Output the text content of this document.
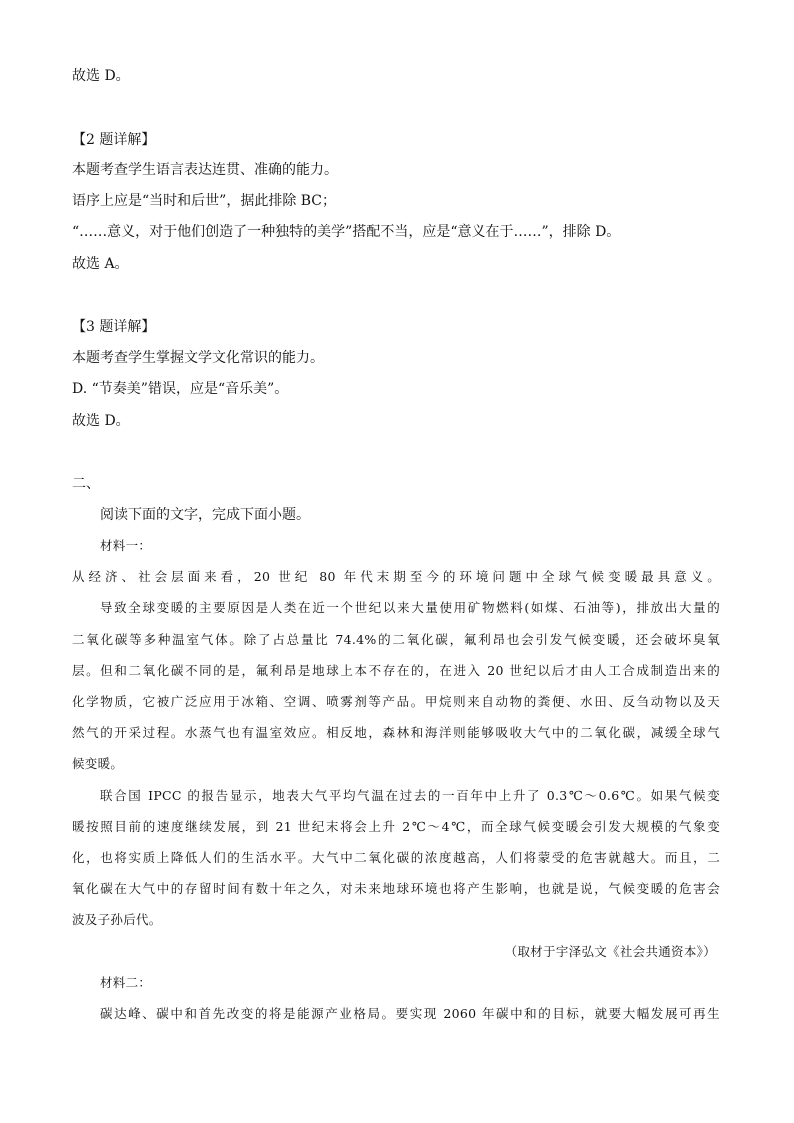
故选 D。
【2 题详解】
本题考查学生语言表达连贯、准确的能力。
语序上应是“当时和后世”，据此排除 BC；
“……意义，对于他们创造了一种独特的美学”搭配不当，应是“意义在于……”，排除 D。
故选 A。
【3 题详解】
本题考查学生掌握文学文化常识的能力。
D. “节奏美”错误，应是“音乐美”。
故选 D。
二、
阅读下面的文字，完成下面小题。
材料一：
从经济、社会层面来看，20 世纪 80 年代末期至今的环境问题中全球气候变暖最具意义。
导致全球变暖的主要原因是人类在近一个世纪以来大量使用矿物燃料(如煤、石油等)，排放出大量的
二氧化碳等多种温室气体。除了占总量比 74.4%的二氧化碳，氟利昂也会引发气候变暖，还会破坏臭氧
层。但和二氧化碳不同的是，氟利昂是地球上本不存在的，在进入 20 世纪以后才由人工合成制造出来的
化学物质，它被广泛应用于冰箱、空调、喷雾剂等产品。甲烷则来自动物的粪便、水田、反刍动物以及天
然气的开采过程。水蒸气也有温室效应。相反地，森林和海洋则能够吸收大气中的二氧化碳，减缓全球气
候变暖。
联合国 IPCC 的报告显示，地表大气平均气温在过去的一百年中上升了 0.3℃～0.6℃。如果气候变
暖按照目前的速度继续发展，到 21 世纪末将会上升 2℃～4℃，而全球气候变暖会引发大规模的气象变
化，也将实质上降低人们的生活水平。大气中二氧化碳的浓度越高，人们将蒙受的危害就越大。而且，二
氧化碳在大气中的存留时间有数十年之久，对未来地球环境也将产生影响，也就是说，气候变暖的危害会
波及子孙后代。
（取材于宇泽弘文《社会共通资本》）
材料二：
碳达峰、碳中和首先改变的将是能源产业格局。要实现 2060 年碳中和的目标，就要大幅发展可再生
